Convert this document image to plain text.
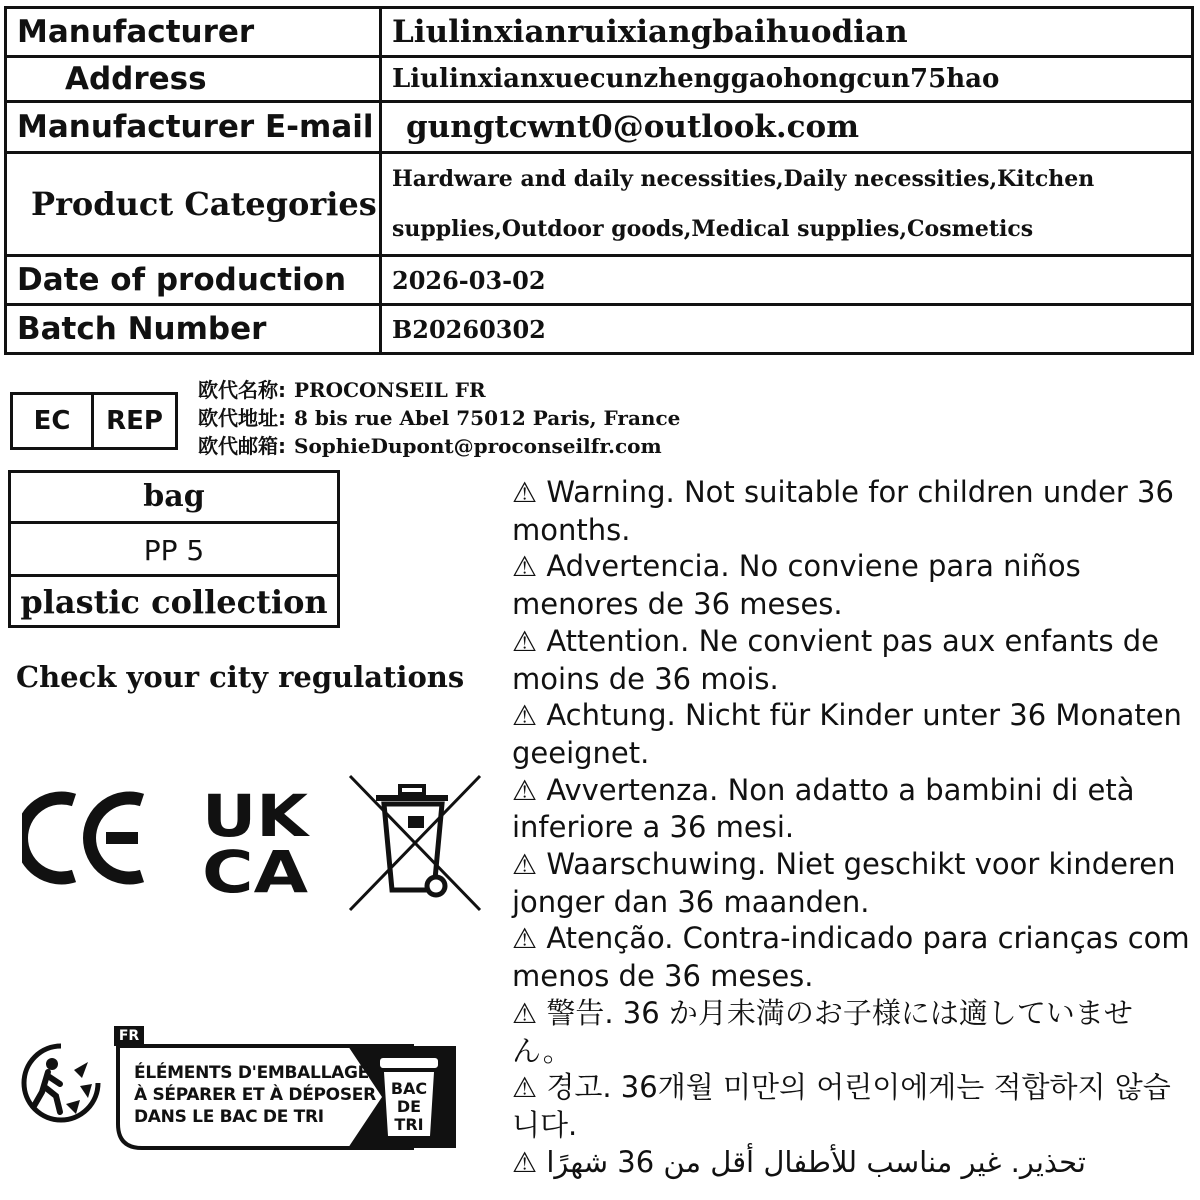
Manufacturer	Liulinxianruixiangbaihuodian
Address	Liulinxianxuecunzhenggaohongcun75hao
Manufacturer E-mail	gungtcwnt0@outlook.com
Product Categories	Hardware and daily necessities,Daily necessities,Kitchen
supplies,Outdoor goods,Medical supplies,Cosmetics

Date of production	2026-03-02
Batch Number	B20260302
EC	REP
欧代名称: PROCONSEIL FR
欧代地址: 8 bis rue Abel 75012 Paris, France
欧代邮箱: SophieDupont@proconseilfr.com
bag
PP 5
plastic collection
Check your city regulations
UK
CA
⚠ Warning. Not suitable for children under 36 months.
⚠ Advertencia. No conviene para niños menores de 36 meses.
⚠ Attention. Ne convient pas aux enfants de moins de 36 mois.
⚠ Achtung. Nicht für Kinder unter 36 Monaten geeignet.
⚠ Avvertenza. Non adatto a bambini di età inferiore a 36 mesi.
⚠ Waarschuwing. Niet geschikt voor kinderen jonger dan 36 maanden.
⚠ Atenção. Contra-indicado para crianças com menos de 36 meses.
⚠ 警告. 36 か月未満のお子様には適していません。
⚠ 경고. 36개월 미만의 어린이에게는 적합하지 않습니다.
⚠ تحذير. غير مناسب للأطفال أقل من 36 شهرًا
FR
ÉLÉMENTS D'EMBALLAGE
À SÉPARER ET À DÉPOSER
DANS LE BAC DE TRI
BAC
DE
TRI
